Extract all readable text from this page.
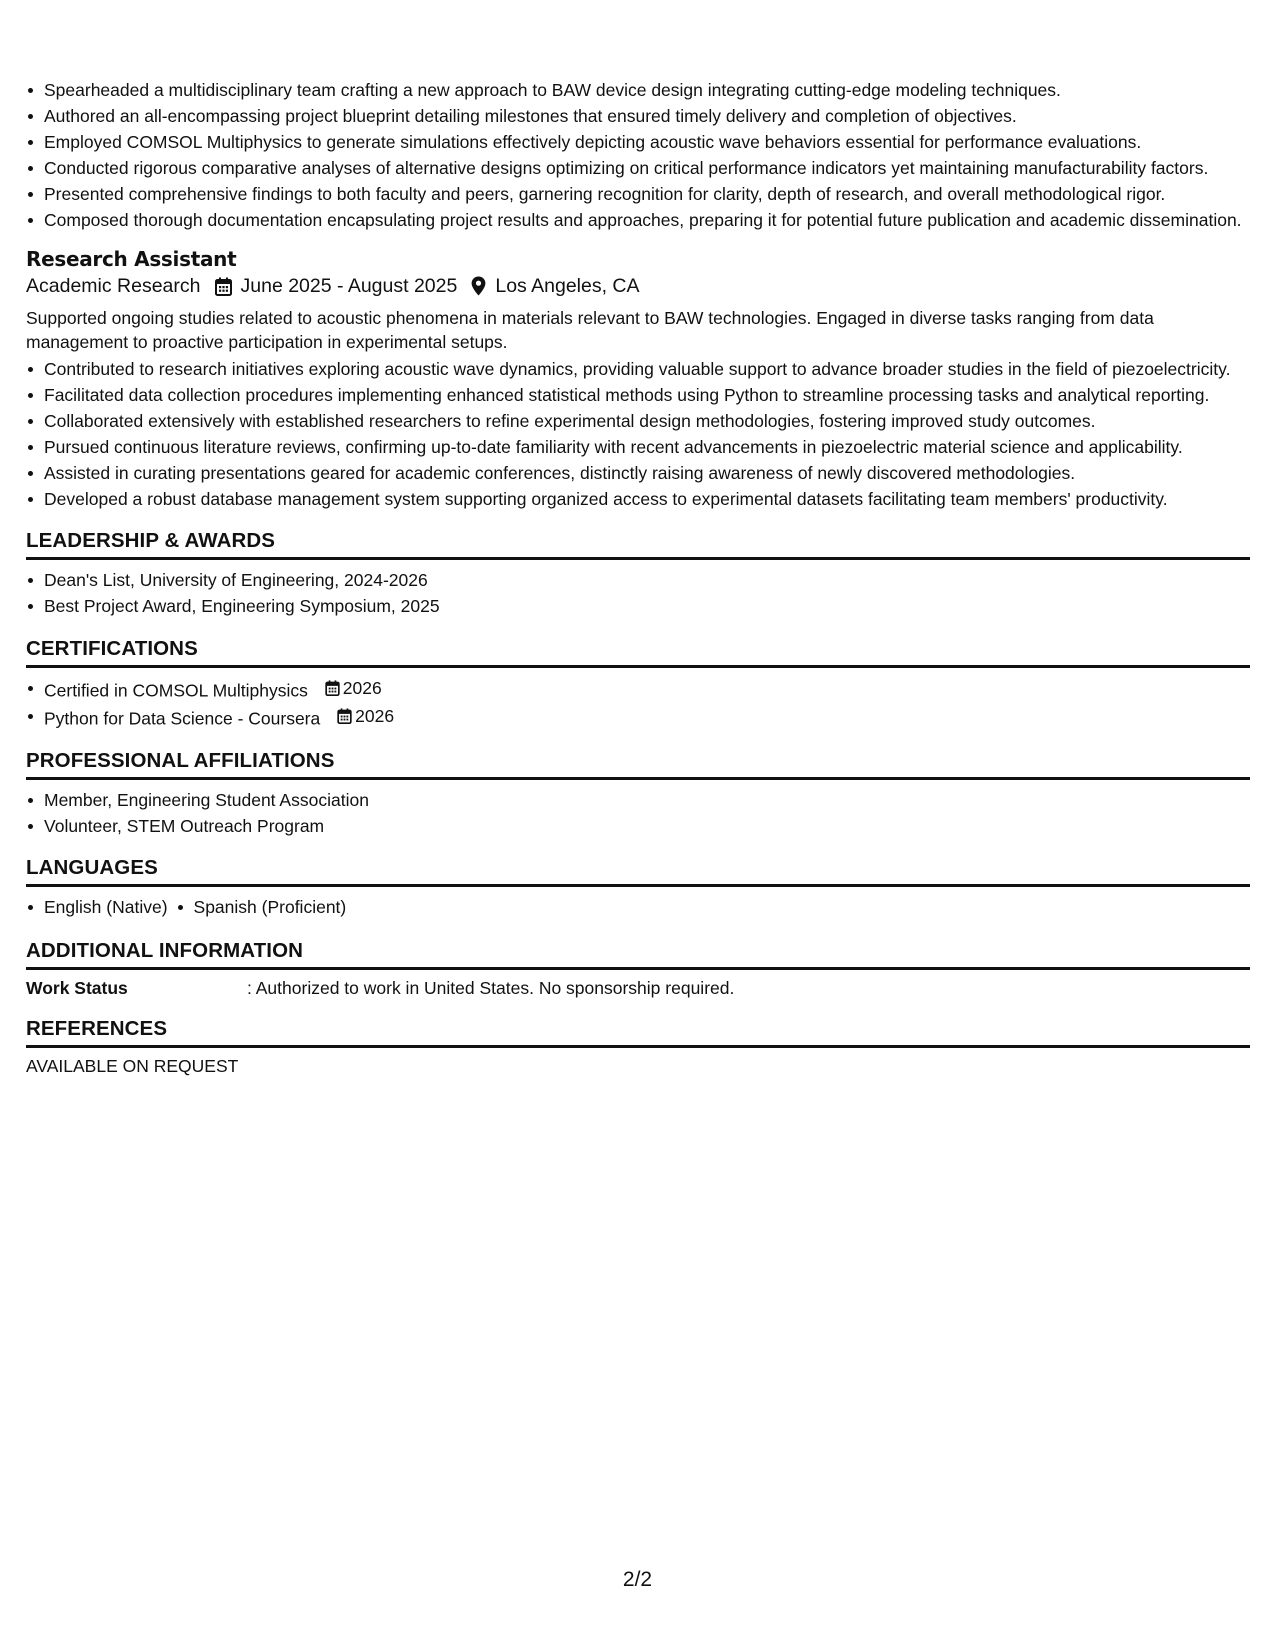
Spearheaded a multidisciplinary team crafting a new approach to BAW device design integrating cutting-edge modeling techniques.
Authored an all-encompassing project blueprint detailing milestones that ensured timely delivery and completion of objectives.
Employed COMSOL Multiphysics to generate simulations effectively depicting acoustic wave behaviors essential for performance evaluations.
Conducted rigorous comparative analyses of alternative designs optimizing on critical performance indicators yet maintaining manufacturability factors.
Presented comprehensive findings to both faculty and peers, garnering recognition for clarity, depth of research, and overall methodological rigor.
Composed thorough documentation encapsulating project results and approaches, preparing it for potential future publication and academic dissemination.
Research Assistant
Academic Research June 2025 - August 2025 Los Angeles, CA
Supported ongoing studies related to acoustic phenomena in materials relevant to BAW technologies. Engaged in diverse tasks ranging from data management to proactive participation in experimental setups.
Contributed to research initiatives exploring acoustic wave dynamics, providing valuable support to advance broader studies in the field of piezoelectricity.
Facilitated data collection procedures implementing enhanced statistical methods using Python to streamline processing tasks and analytical reporting.
Collaborated extensively with established researchers to refine experimental design methodologies, fostering improved study outcomes.
Pursued continuous literature reviews, confirming up-to-date familiarity with recent advancements in piezoelectric material science and applicability.
Assisted in curating presentations geared for academic conferences, distinctly raising awareness of newly discovered methodologies.
Developed a robust database management system supporting organized access to experimental datasets facilitating team members' productivity.
LEADERSHIP & AWARDS
Dean's List, University of Engineering, 2024-2026
Best Project Award, Engineering Symposium, 2025
CERTIFICATIONS
Certified in COMSOL Multiphysics 2026
Python for Data Science - Coursera 2026
PROFESSIONAL AFFILIATIONS
Member, Engineering Student Association
Volunteer, STEM Outreach Program
LANGUAGES
English (Native) Spanish (Proficient)
ADDITIONAL INFORMATION
Work Status	: Authorized to work in United States. No sponsorship required.
REFERENCES
AVAILABLE ON REQUEST
2/2
